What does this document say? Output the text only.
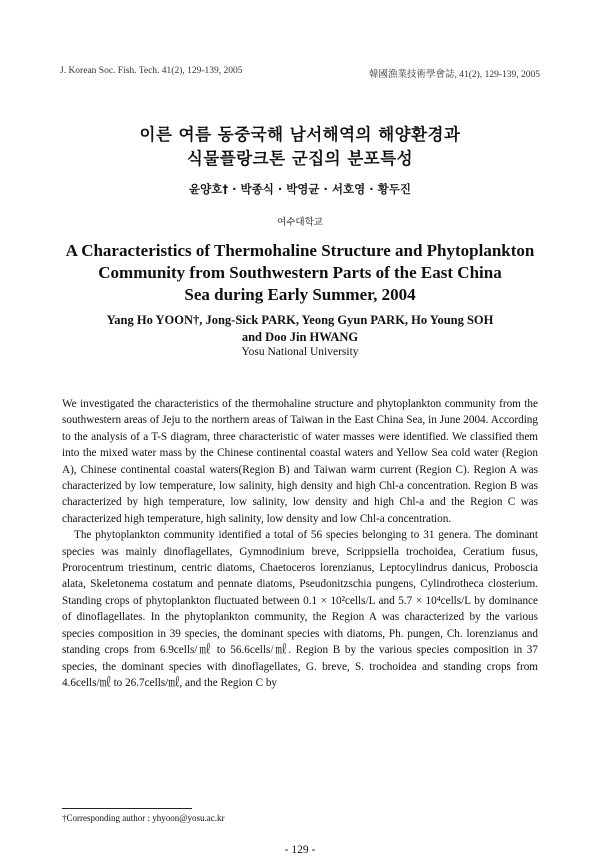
J. Korean Soc. Fish. Tech. 41(2), 129-139, 2005	韓國漁業技術學會誌, 41(2), 129-139, 2005
이른 여름 동중국해 남서해역의 해양환경과
식물플랑크톤 군집의 분포특성
윤양호† · 박종식 · 박영균 · 서호영 · 황두진
여수대학교
A Characteristics of Thermohaline Structure and Phytoplankton
Community from Southwestern Parts of the East China
Sea during Early Summer, 2004
Yang Ho YOON†, Jong-Sick PARK, Yeong Gyun PARK, Ho Young SOH
and Doo Jin HWANG
Yosu National University

We investigated the characteristics of the thermohaline structure and phytoplankton community from the southwestern areas of Jeju to the northern areas of Taiwan in the East China Sea, in June 2004. According to the analysis of a T-S diagram, three characteristic of water masses were identified. We classified them into the mixed water mass by the Chinese continental coastal waters and Yellow Sea cold water (Region A), Chinese continental coastal waters(Region B) and Taiwan warm current (Region C). Region A was characterized by low temperature, low salinity, high density and high Chl-a concentration. Region B was characterized by high temperature, low salinity, low density and high Chl-a and the Region C was characterized high temperature, high salinity, low density and low Chl-a concentration.

The phytoplankton community identified a total of 56 species belonging to 31 genera. The dominant species was mainly dinoflagellates, Gymnodinium breve, Scrippsiella trochoidea, Ceratium fusus, Prorocentrum triestinum, centric diatoms, Chaetoceros lorenzianus, Leptocylindrus danicus, Proboscia alata, Skeletonema costatum and pennate diatoms, Pseudonitzschia pungens, Cylindrotheca closterium. Standing crops of phytoplankton fluctuated between 0.1 × 10²cells/L and 5.7 × 10⁴cells/L by dominance of dinoflagellates. In the phytoplankton community, the Region A was characterized by the various species composition in 39 species, the dominant species with diatoms, Ph. pungen, Ch. lorenzianus and standing crops from 6.9cells/㎖ to 56.6cells/㎖. Region B by the various species composition in 37 species, the dominant species with dinoflagellates, G. breve, S. trochoidea and standing crops from 4.6cells/㎖ to 26.7cells/㎖, and the Region C by

†Corresponding author : yhyoon@yosu.ac.kr
- 129 -
